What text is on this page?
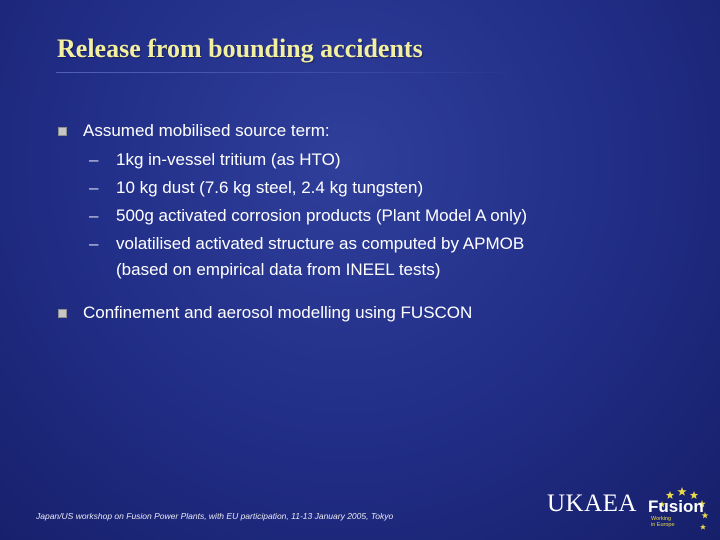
Release from bounding accidents
Assumed mobilised source term:
– 1kg in-vessel tritium (as HTO)
– 10 kg dust (7.6 kg steel, 2.4 kg tungsten)
– 500g activated corrosion products (Plant Model A only)
– volatilised activated structure as computed by APMOB
(based on empirical data from INEEL tests)
Confinement and aerosol modelling using FUSCON
Japan/US workshop on Fusion Power Plants, with EU participation, 11-13 January 2005, Tokyo	UKAEA Fusion
Working
in Europe
